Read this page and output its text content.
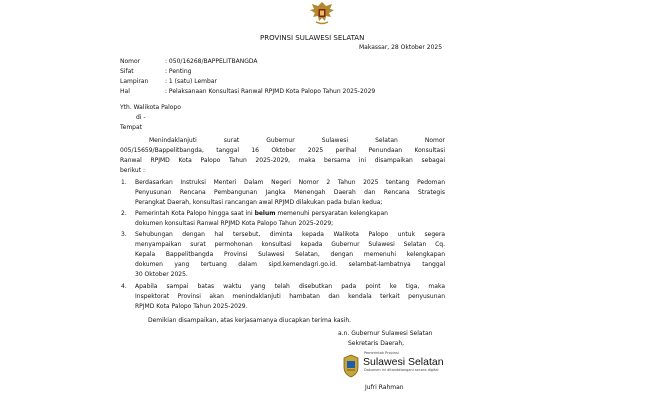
PROVINSI SULAWESI SELATAN
Makassar, 28 Oktober 2025
Nomor	: 050/16268/BAPPELITBANGDA
Sifat	: Penting
Lampiran	: 1 (satu) Lembar
Hal	: Pelaksanaan Konsultasi Ranwal RPJMD Kota Palopo Tahun 2025-2029
Yth. Walikota Palopo
di -
Tempat
Menindaklanjuti surat Gubernur Sulawesi Selatan Nomor
005/15659/Bappelitbangda, tanggal 16 Oktober 2025 perihal Penundaan Konsultasi
Ranwal RPJMD Kota Palopo Tahun 2025-2029, maka bersama ini disampaikan sebagai
berikut :
1. Berdasarkan Instruksi Menteri Dalam Negeri Nomor 2 Tahun 2025 tentang Pedoman
Penyusunan Rencana Pembangunan Jangka Menengah Daerah dan Rencana Strategis
Perangkat Daerah, konsultasi rancangan awal RPJMD dilakukan pada bulan kedua;
2. Pemerintah Kota Palopo hingga saat ini belum memenuhi persyaratan kelengkapan
dokumen konsultasi Ranwal RPJMD Kota Palopo Tahun 2025-2029;
3. Sehubungan dengan hal tersebut, diminta kepada Walikota Palopo untuk segera
menyampaikan surat permohonan konsultasi kepada Gubernur Sulawesi Selatan Cq.
Kepala Bappelitbangda Provinsi Sulawesi Selatan, dengan memenuhi kelengkapan
dokumen yang tertuang dalam sipd.kemendagri.go.id. selambat-lambatnya tanggal
30 Oktober 2025.
4. Apabila sampai batas waktu yang telah disebutkan pada point ke tiga, maka
Inspektorat Provinsi akan menindaklanjuti hambatan dan kendala terkait penyusunan
RPJMD Kota Palopo Tahun 2025-2029.
Demikian disampaikan, atas kerjasamanya diucapkan terima kasih.
a.n. Gubernur Sulawesi Selatan
Sekretaris Daerah,
Pemerintah Provinsi
Sulawesi Selatan
Dokumen ini ditandatangani secara digital
Jufri Rahman
